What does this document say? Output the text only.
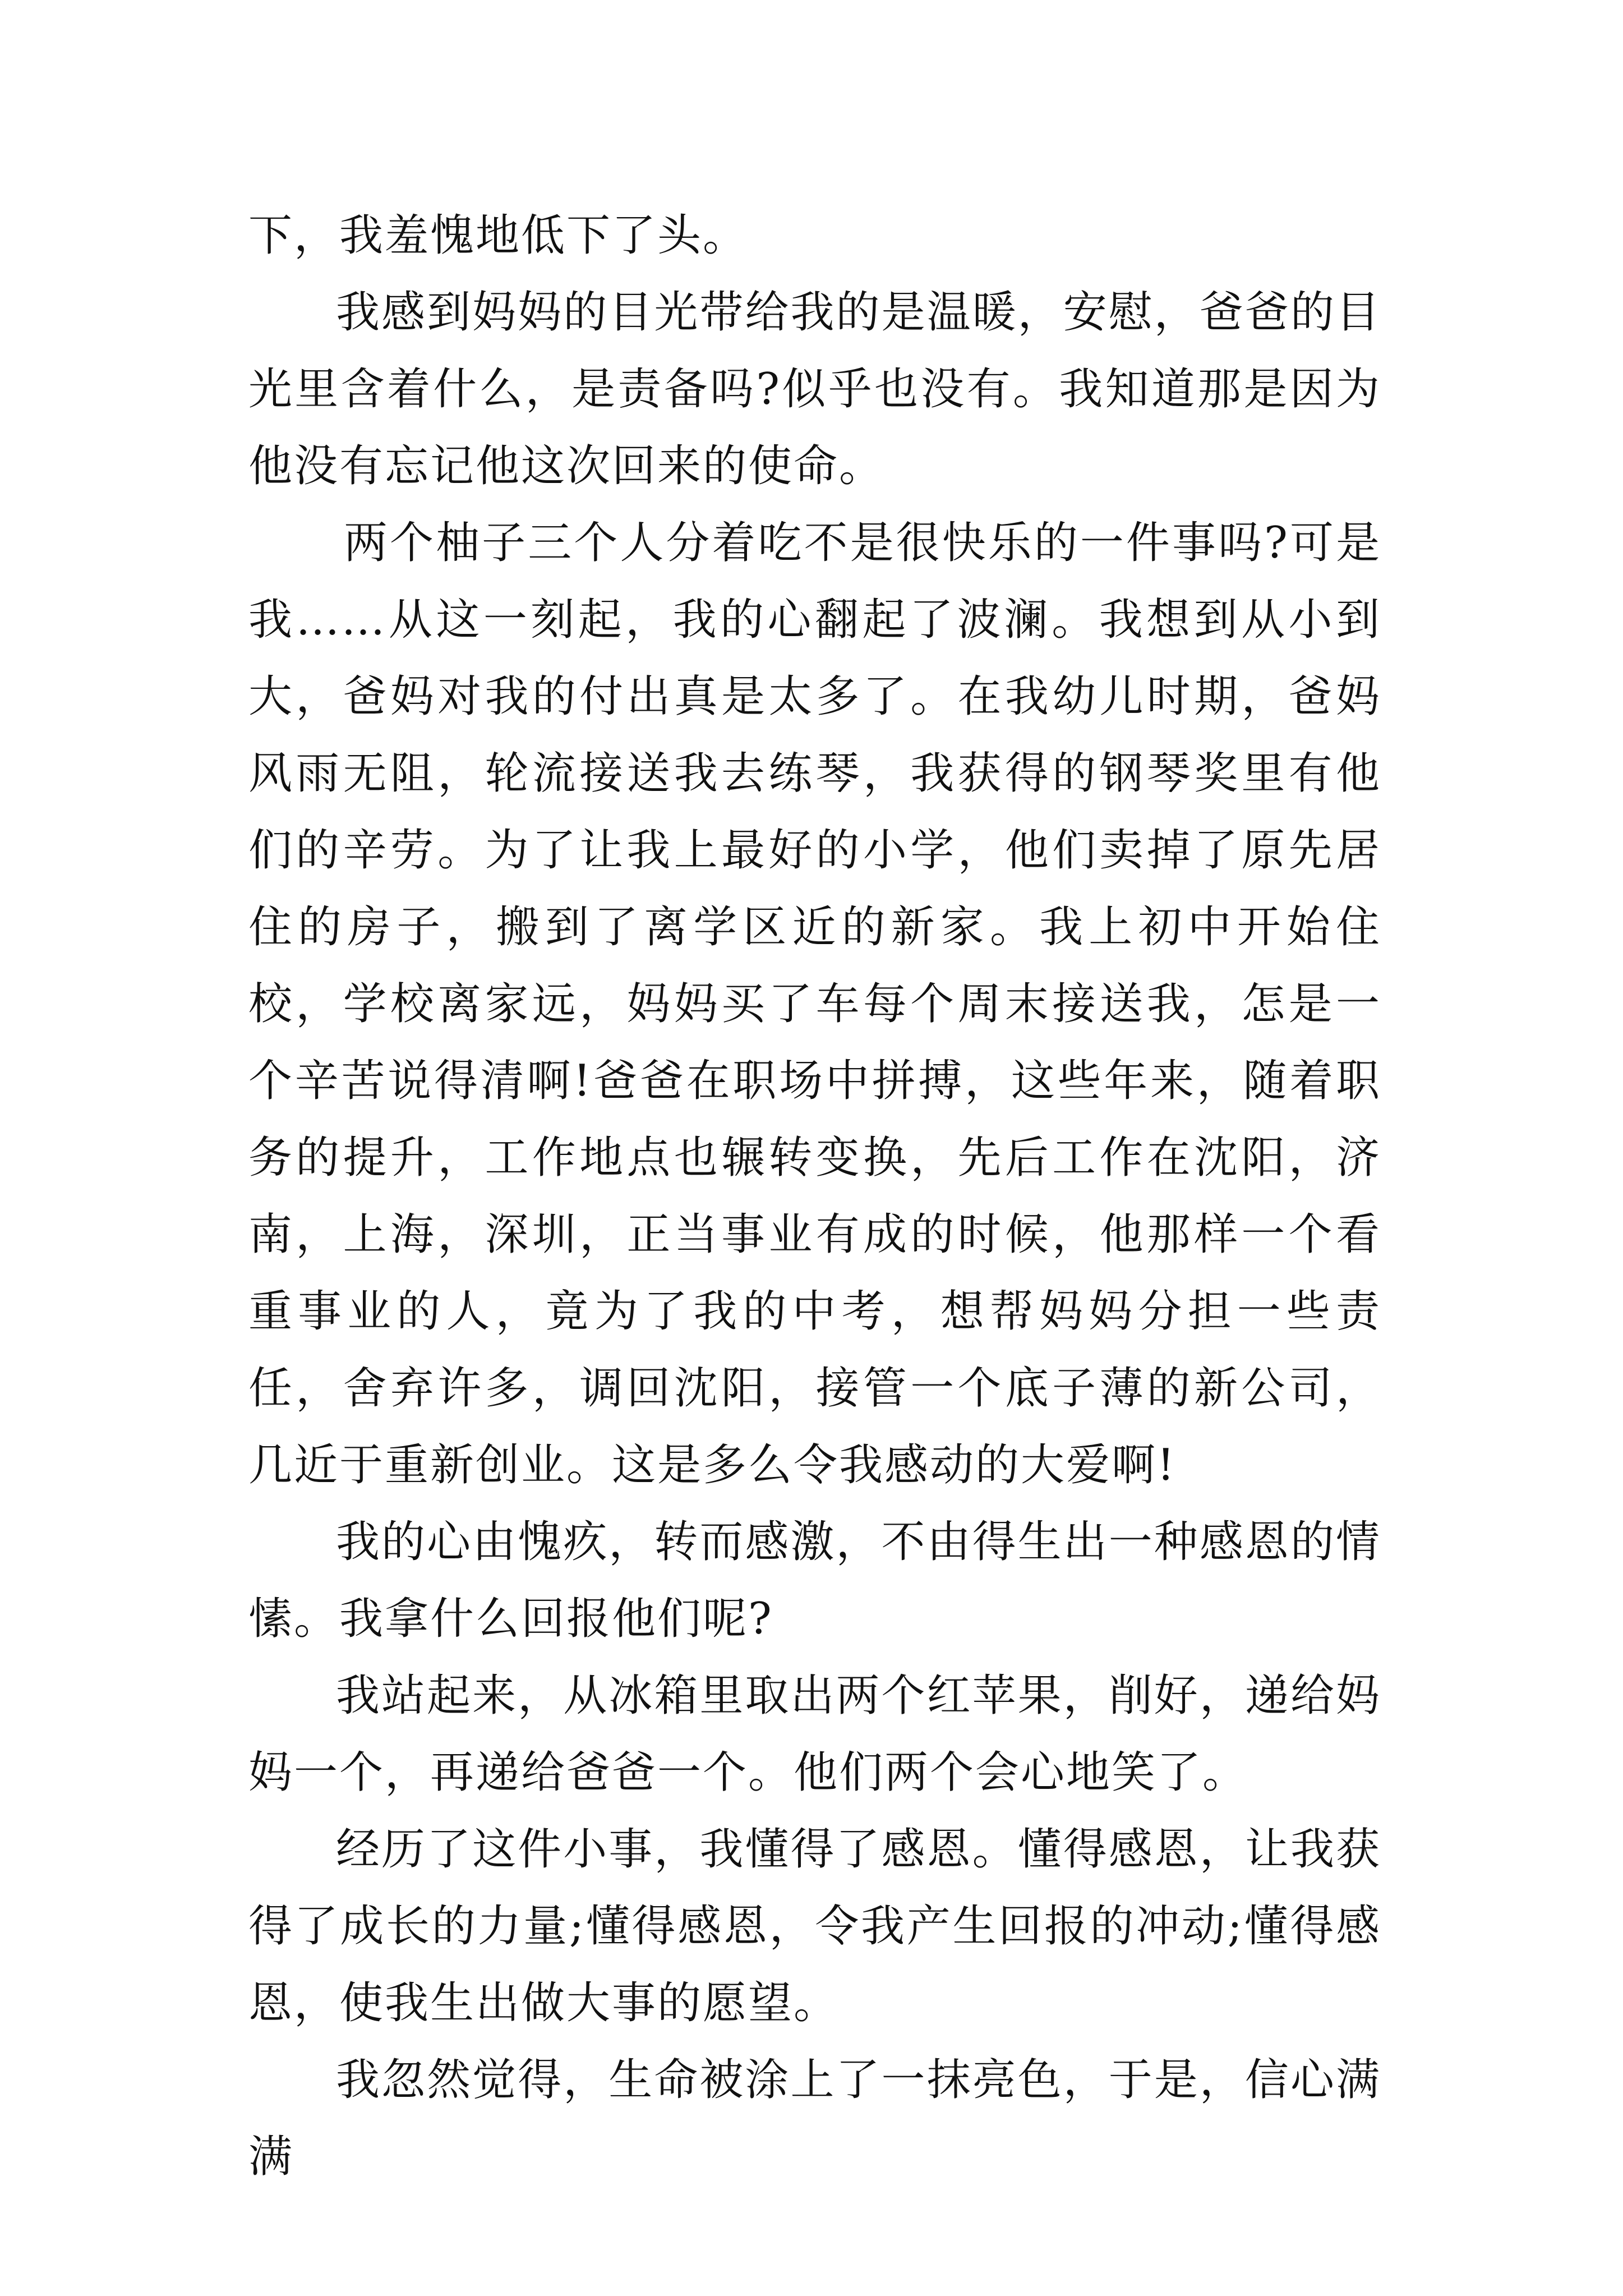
下，我羞愧地低下了头。

我感到妈妈的目光带给我的是温暖，安慰，爸爸的目光里含着什么，是责备吗?似乎也没有。我知道那是因为他没有忘记他这次回来的使命。

两个柚子三个人分着吃不是很快乐的一件事吗?可是我……从这一刻起，我的心翻起了波澜。我想到从小到大，爸妈对我的付出真是太多了。在我幼儿时期，爸妈风雨无阻，轮流接送我去练琴，我获得的钢琴奖里有他们的辛劳。为了让我上最好的小学，他们卖掉了原先居住的房子，搬到了离学区近的新家。我上初中开始住校，学校离家远，妈妈买了车每个周末接送我，怎是一个辛苦说得清啊!爸爸在职场中拼搏，这些年来，随着职务的提升，工作地点也辗转变换，先后工作在沈阳，济南，上海，深圳，正当事业有成的时候，他那样一个看重事业的人，竟为了我的中考，想帮妈妈分担一些责任，舍弃许多，调回沈阳，接管一个底子薄的新公司，几近于重新创业。这是多么令我感动的大爱啊!

我的心由愧疚，转而感激，不由得生出一种感恩的情愫。我拿什么回报他们呢?

我站起来，从冰箱里取出两个红苹果，削好，递给妈妈一个，再递给爸爸一个。他们两个会心地笑了。

经历了这件小事，我懂得了感恩。懂得感恩，让我获得了成长的力量;懂得感恩，令我产生回报的冲动;懂得感恩，使我生出做大事的愿望。

我忽然觉得，生命被涂上了一抹亮色，于是，信心满满
